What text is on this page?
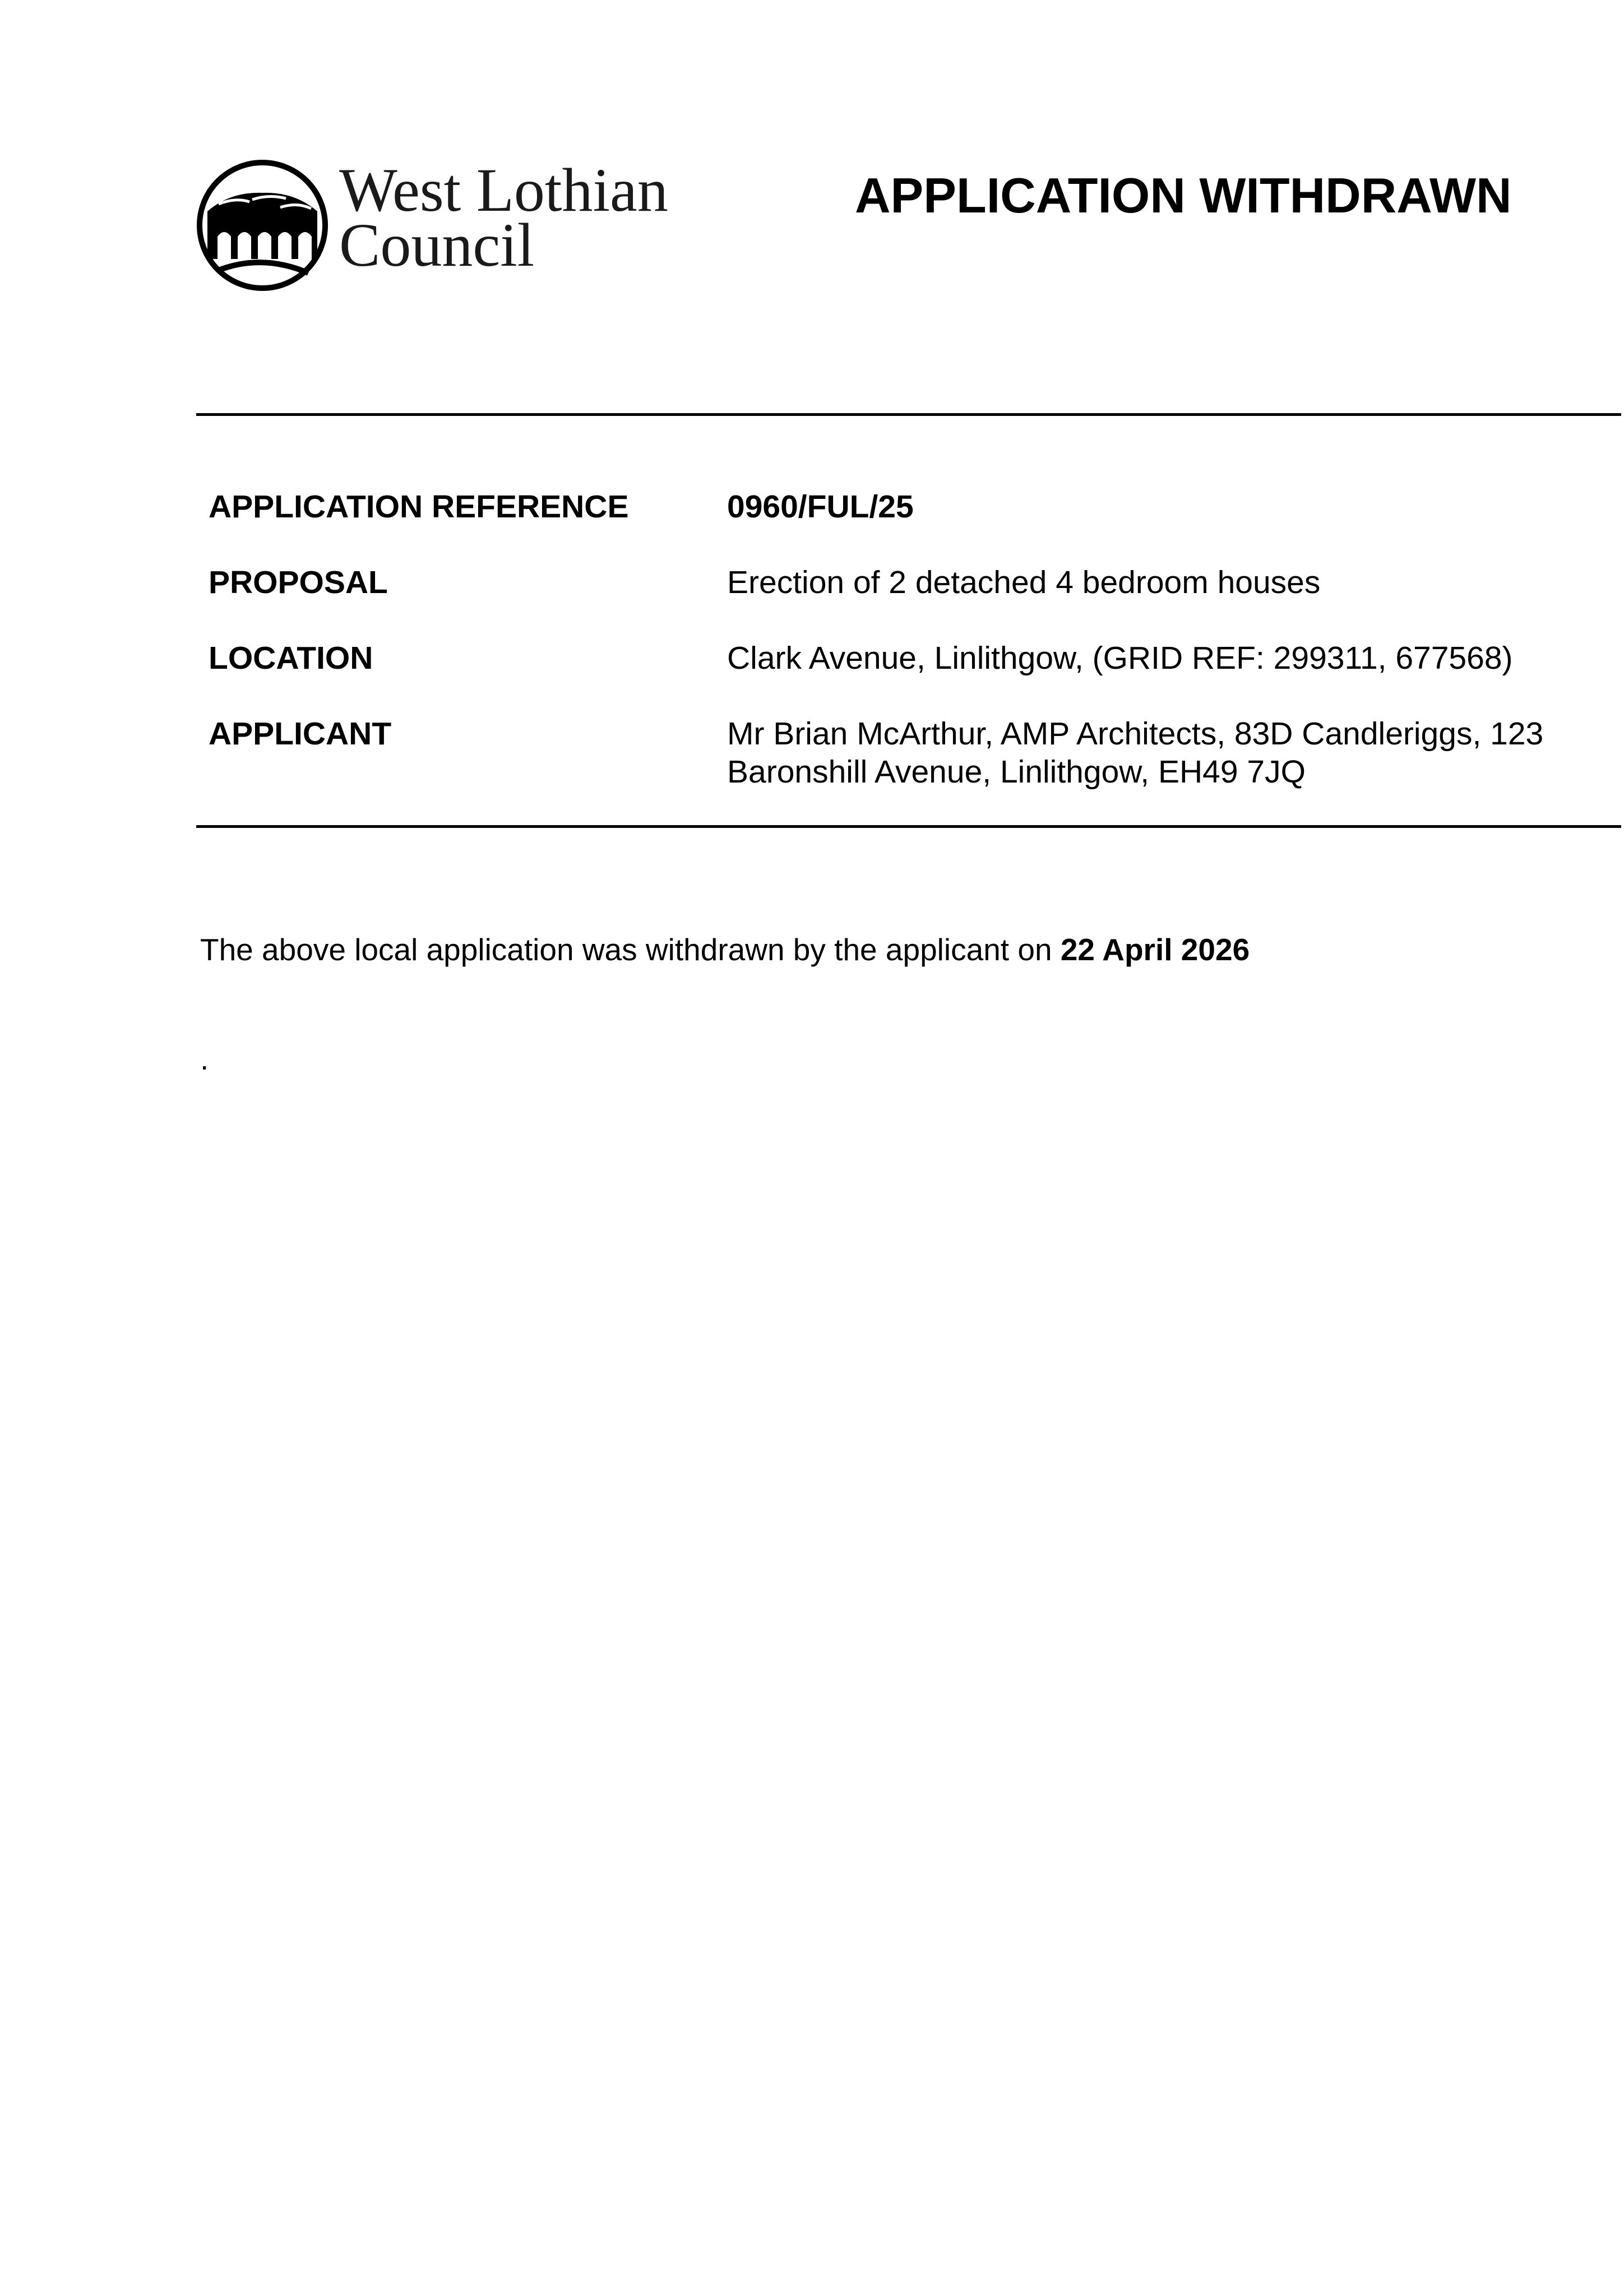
West Lothian
Council
APPLICATION WITHDRAWN
APPLICATION REFERENCE	0960/FUL/25
PROPOSAL	Erection of 2 detached 4 bedroom houses
LOCATION	Clark Avenue, Linlithgow, (GRID REF: 299311, 677568)
APPLICANT	Mr Brian McArthur, AMP Architects, 83D Candleriggs, 123 Baronshill Avenue, Linlithgow, EH49 7JQ
The above local application was withdrawn by the applicant on 22 April 2026
.
